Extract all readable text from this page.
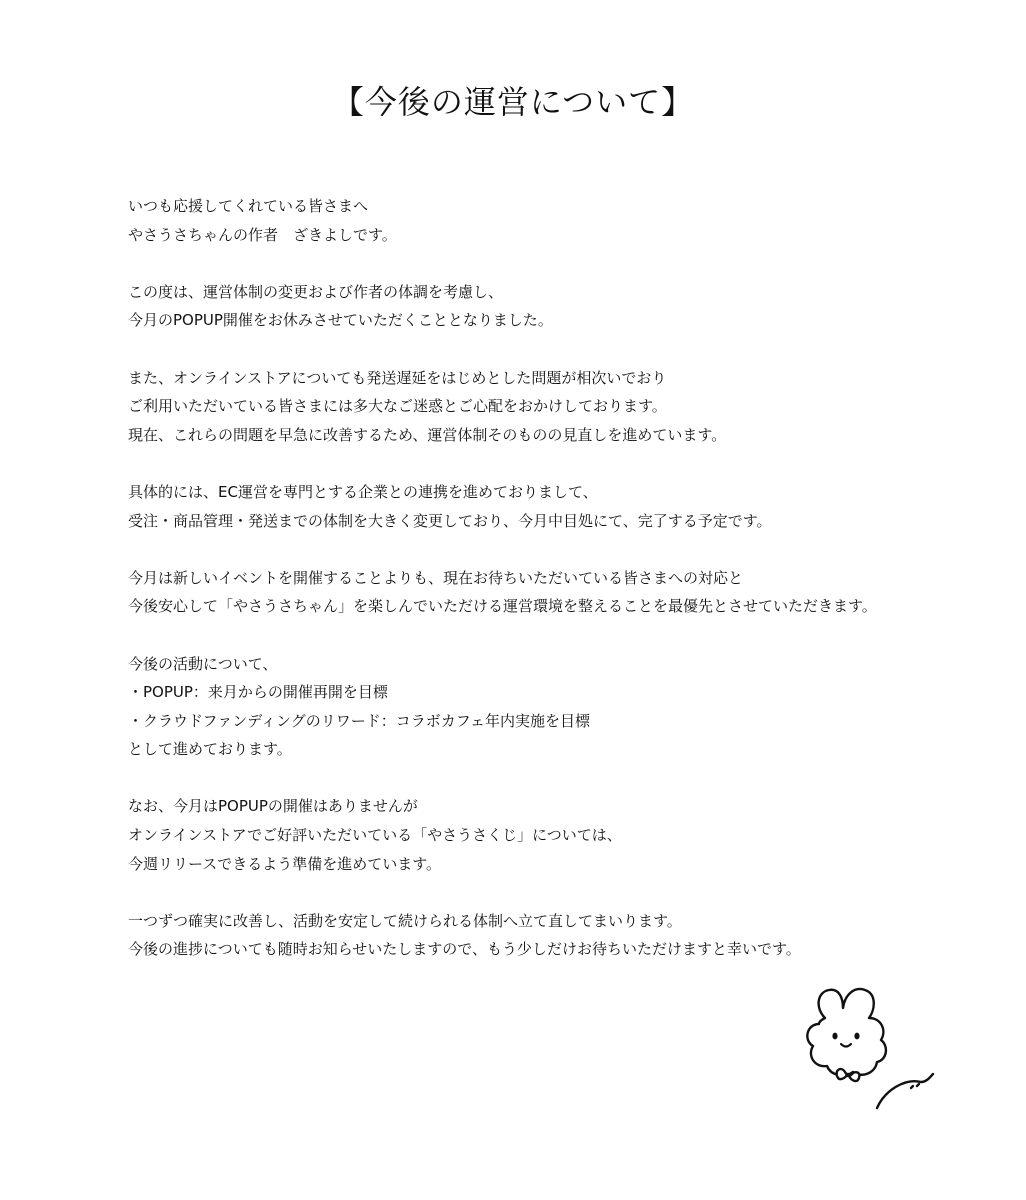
【今後の運営について】

いつも応援してくれている皆さまへ
やさうさちゃんの作者　ざきよしです。

この度は、運営体制の変更および作者の体調を考慮し、
今月のPOPUP開催をお休みさせていただくこととなりました。

また、オンラインストアについても発送遅延をはじめとした問題が相次いでおり
ご利用いただいている皆さまには多大なご迷惑とご心配をおかけしております。
現在、これらの問題を早急に改善するため、運営体制そのものの見直しを進めています。

具体的には、EC運営を専門とする企業との連携を進めておりまして、
受注・商品管理・発送までの体制を大きく変更しており、今月中目処にて、完了する予定です。

今月は新しいイベントを開催することよりも、現在お待ちいただいている皆さまへの対応と
今後安心して「やさうさちゃん」を楽しんでいただける運営環境を整えることを最優先とさせていただきます。

今後の活動について、
・POPUP：来月からの開催再開を目標
・クラウドファンディングのリワード：コラボカフェ年内実施を目標
として進めております。

なお、今月はPOPUPの開催はありませんが
オンラインストアでご好評いただいている「やさうさくじ」については、
今週リリースできるよう準備を進めています。

一つずつ確実に改善し、活動を安定して続けられる体制へ立て直してまいります。
今後の進捗についても随時お知らせいたしますので、もう少しだけお待ちいただけますと幸いです。
